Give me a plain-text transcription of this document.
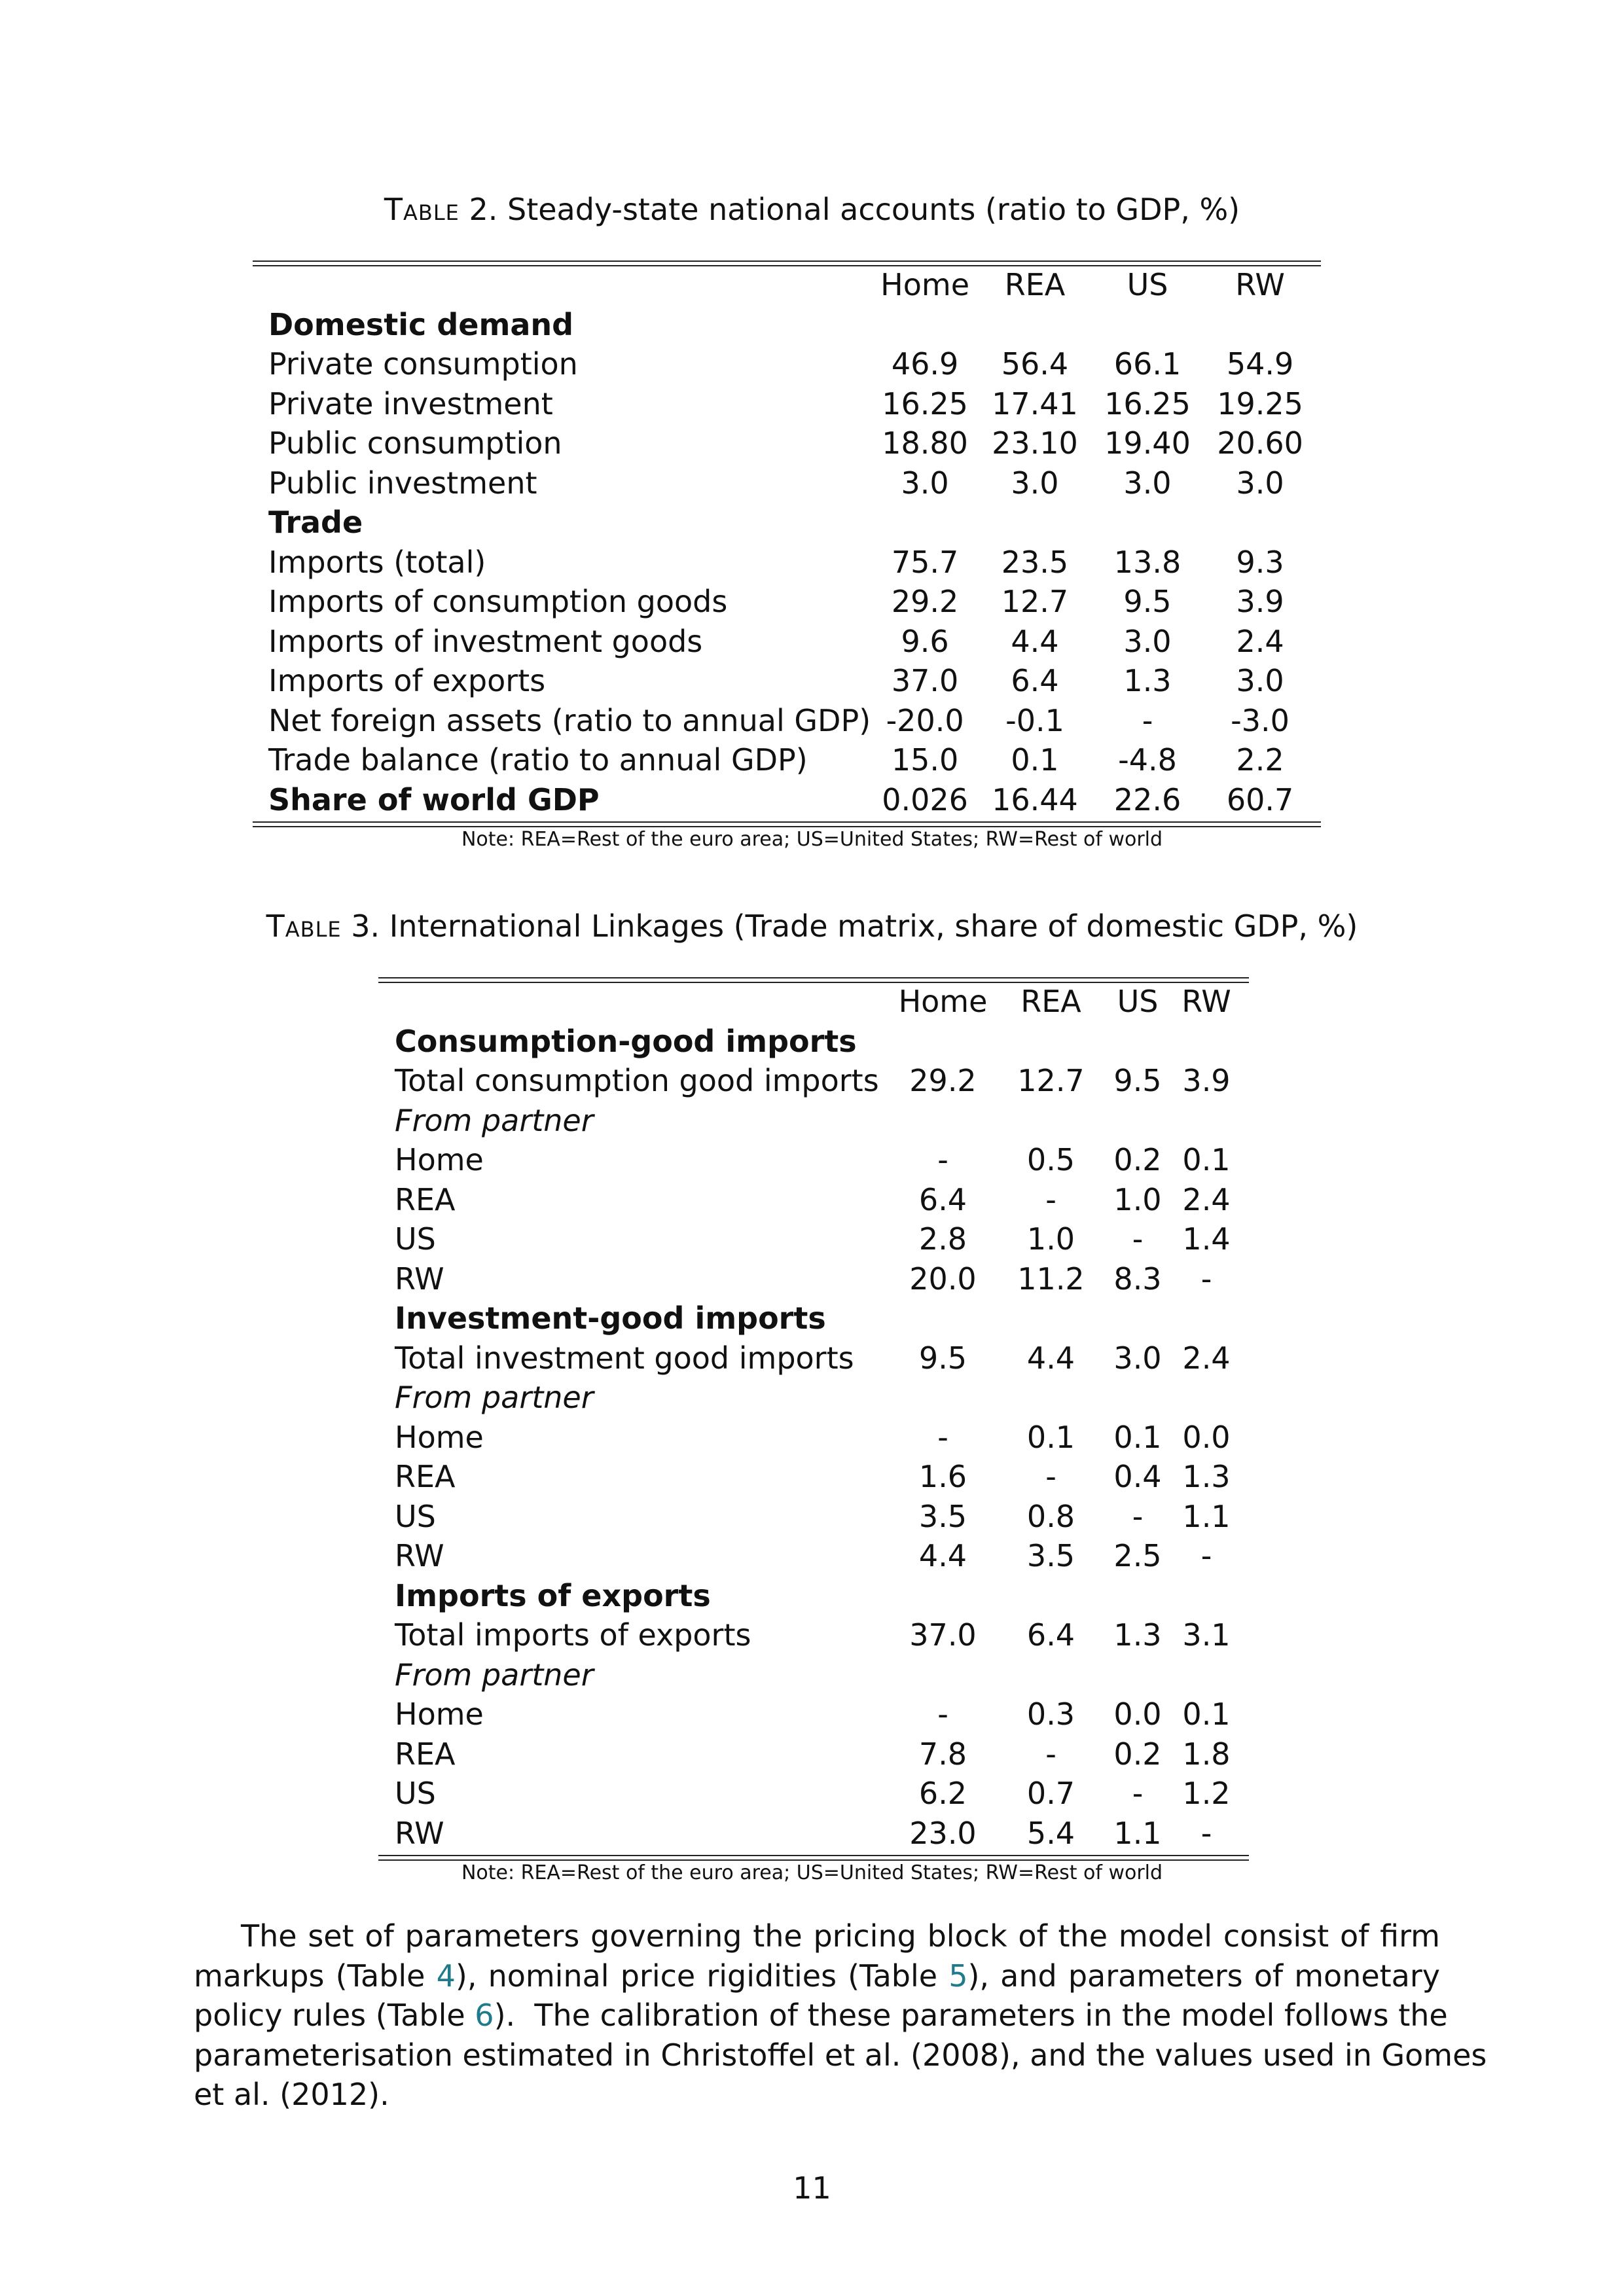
Table 2. Steady-state national accounts (ratio to GDP, %)
	Home	REA	US	RW
Domestic demand				
Private consumption	46.9	56.4	66.1	54.9
Private investment	16.25	17.41	16.25	19.25
Public consumption	18.80	23.10	19.40	20.60
Public investment	3.0	3.0	3.0	3.0
Trade				
Imports (total)	75.7	23.5	13.8	9.3
Imports of consumption goods	29.2	12.7	9.5	3.9
Imports of investment goods	9.6	4.4	3.0	2.4
Imports of exports	37.0	6.4	1.3	3.0
Net foreign assets (ratio to annual GDP)	-20.0	-0.1	-	-3.0
Trade balance (ratio to annual GDP)	15.0	0.1	-4.8	2.2
Share of world GDP	0.026	16.44	22.6	60.7
Note: REA=Rest of the euro area; US=United States; RW=Rest of world
Table 3. International Linkages (Trade matrix, share of domestic GDP, %)
	Home	REA	US	RW
Consumption-good imports				
Total consumption good imports	29.2	12.7	9.5	3.9
From partner				
Home	-	0.5	0.2	0.1
REA	6.4	-	1.0	2.4
US	2.8	1.0	-	1.4
RW	20.0	11.2	8.3	-
Investment-good imports				
Total investment good imports	9.5	4.4	3.0	2.4
From partner				
Home	-	0.1	0.1	0.0
REA	1.6	-	0.4	1.3
US	3.5	0.8	-	1.1
RW	4.4	3.5	2.5	-
Imports of exports				
Total imports of exports	37.0	6.4	1.3	3.1
From partner				
Home	-	0.3	0.0	0.1
REA	7.8	-	0.2	1.8
US	6.2	0.7	-	1.2
RW	23.0	5.4	1.1	-
Note: REA=Rest of the euro area; US=United States; RW=Rest of world
The set of parameters governing the pricing block of the model consist of firm
markups (Table 4), nominal price rigidities (Table 5), and parameters of monetary
policy rules (Table 6).  The calibration of these parameters in the model follows the
parameterisation estimated in Christoffel et al. (2008), and the values used in Gomes
et al. (2012).
11
